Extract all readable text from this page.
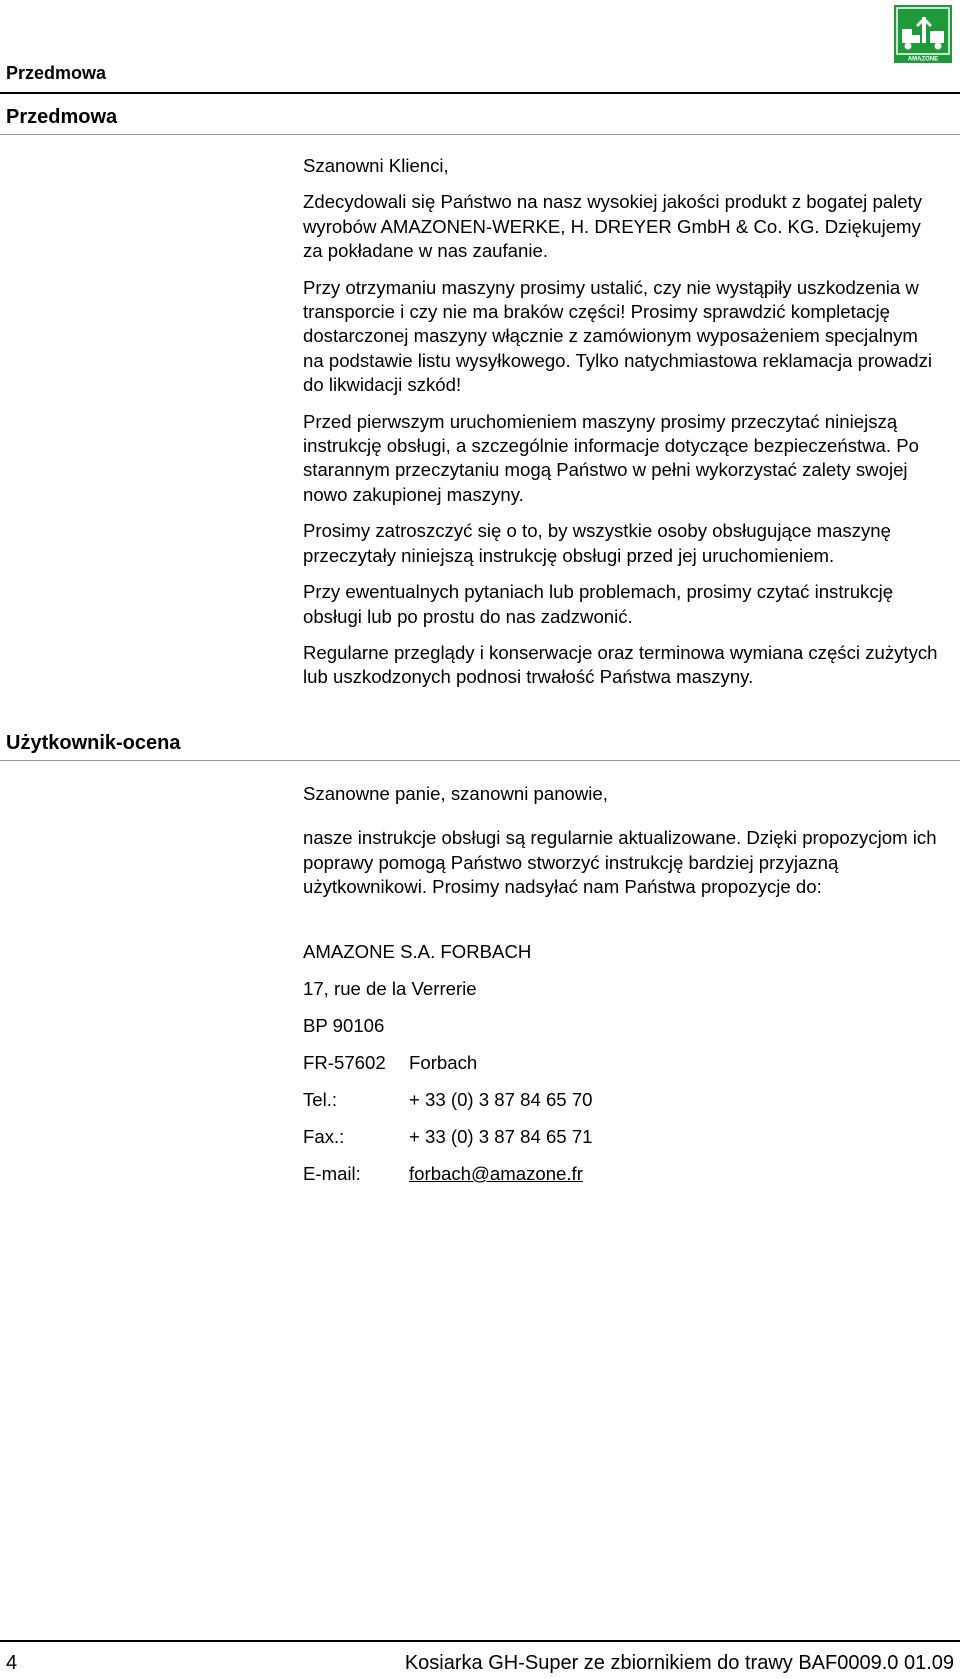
AMAZONE
Przedmowa
Przedmowa

Szanowni Klienci,

Zdecydowali się Państwo na nasz wysokiej jakości produkt z bogatej palety wyrobów AMAZONEN-WERKE, H. DREYER GmbH & Co. KG. Dziękujemy za pokładane w nas zaufanie.

Przy otrzymaniu maszyny prosimy ustalić, czy nie wystąpiły uszkodzenia w transporcie i czy nie ma braków części! Prosimy sprawdzić kompletację dostarczonej maszyny włącznie z zamówionym wyposażeniem specjalnym na podstawie listu wysyłkowego. Tylko natychmiastowa reklamacja prowadzi do likwidacji szkód!

Przed pierwszym uruchomieniem maszyny prosimy przeczytać niniejszą instrukcję obsługi, a szczególnie informacje dotyczące bezpieczeństwa. Po starannym przeczytaniu mogą Państwo w pełni wykorzystać zalety swojej nowo zakupionej maszyny.

Prosimy zatroszczyć się o to, by wszystkie osoby obsługujące maszynę przeczytały niniejszą instrukcję obsługi przed jej uruchomieniem.

Przy ewentualnych pytaniach lub problemach, prosimy czytać instrukcję obsługi lub po prostu do nas zadzwonić.

Regularne przeglądy i konserwacje oraz terminowa wymiana części zużytych lub uszkodzonych podnosi trwałość Państwa maszyny.

Użytkownik-ocena

Szanowne panie, szanowni panowie,

nasze instrukcje obsługi są regularnie aktualizowane. Dzięki propozycjom ich poprawy pomogą Państwo stworzyć instrukcję bardziej przyjazną użytkownikowi. Prosimy nadsyłać nam Państwa propozycje do:

AMAZONE S.A. FORBACH
17, rue de la Verrerie
BP 90106
FR-57602	Forbach
Tel.:	+ 33 (0) 3 87 84 65 70
Fax.:	+ 33 (0) 3 87 84 65 71
E-mail:	forbach@amazone.fr
4	Kosiarka GH-Super ze zbiornikiem do trawy BAF0009.0 01.09
